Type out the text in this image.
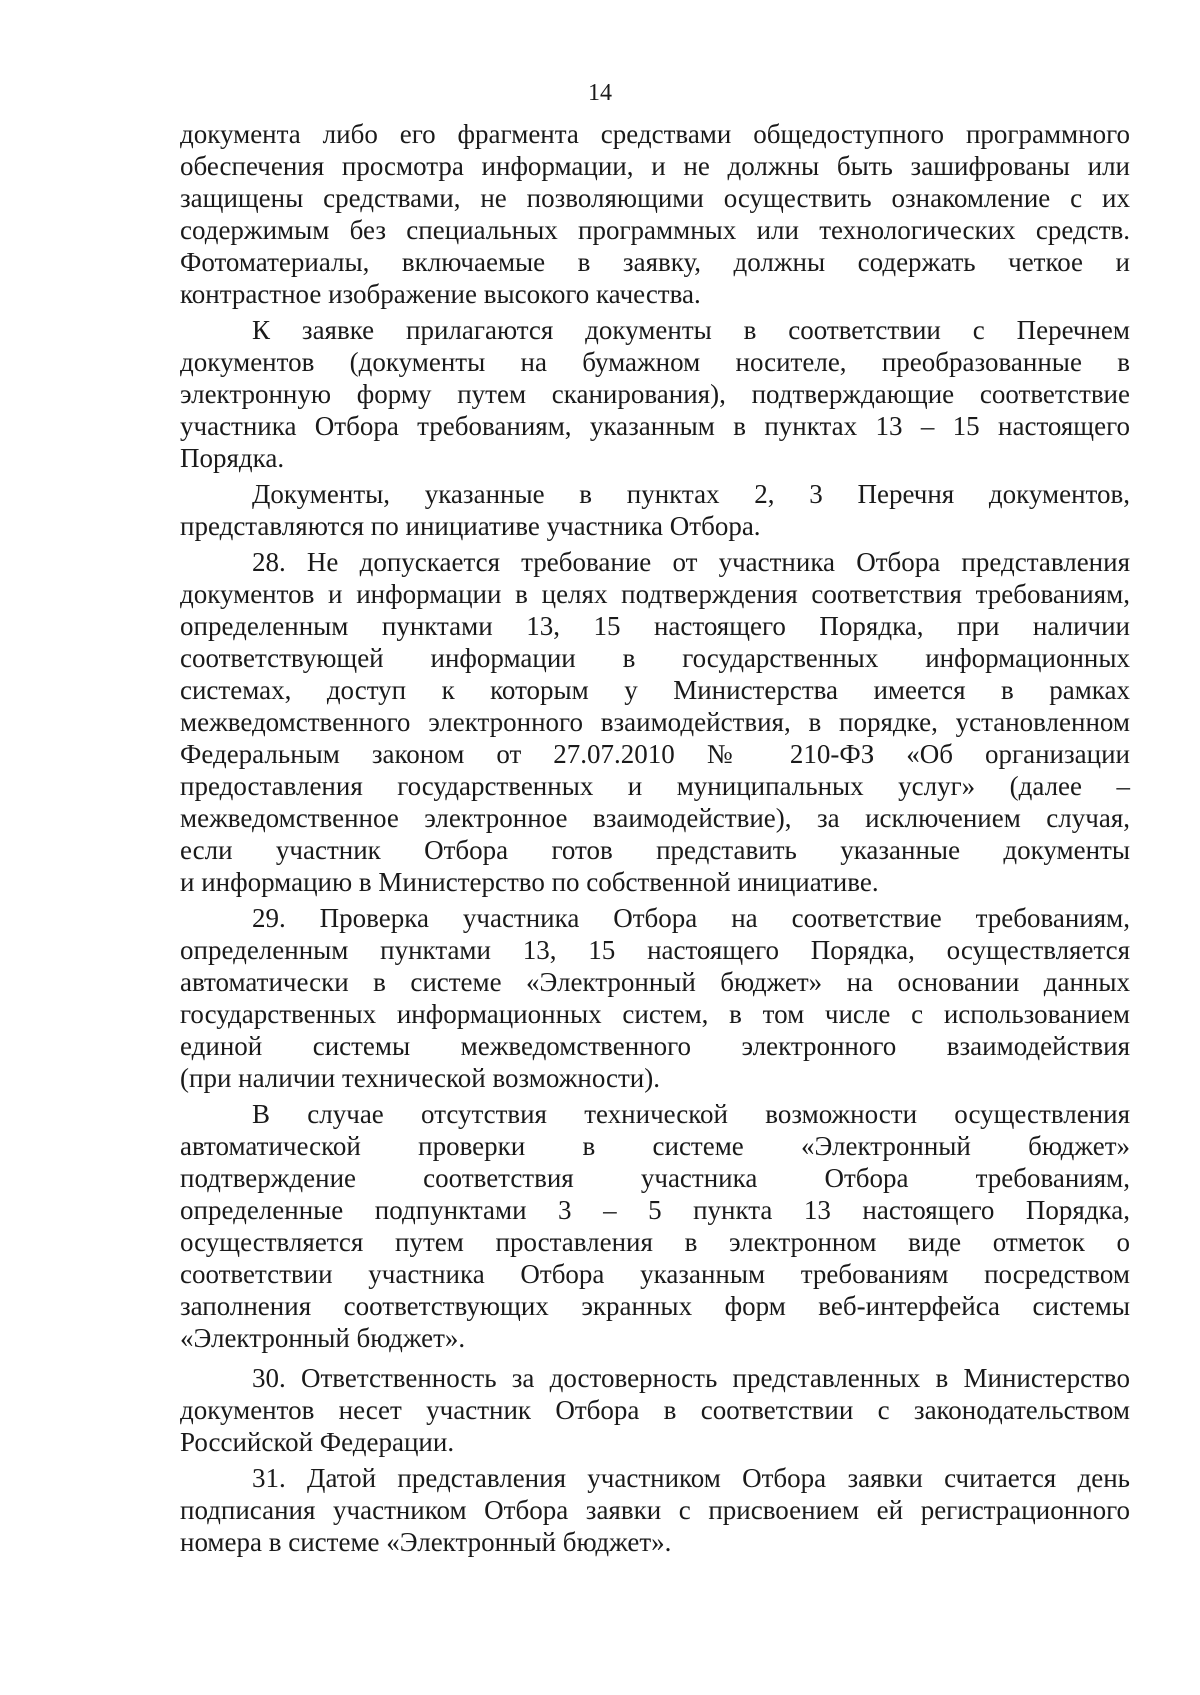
14
документа либо его фрагмента средствами общедоступного программного
обеспечения просмотра информации, и не должны быть зашифрованы или
защищены средствами, не позволяющими осуществить ознакомление с их
содержимым без специальных программных или технологических средств.
Фотоматериалы, включаемые в заявку, должны содержать четкое и
контрастное изображение высокого качества.
К заявке прилагаются документы в соответствии с Перечнем
документов (документы на бумажном носителе, преобразованные в
электронную форму путем сканирования), подтверждающие соответствие
участника Отбора требованиям, указанным в пунктах 13 – 15 настоящего
Порядка.
Документы, указанные в пунктах 2, 3 Перечня документов,
представляются по инициативе участника Отбора.
28. Не допускается требование от участника Отбора представления
документов и информации в целях подтверждения соответствия требованиям,
определенным пунктами 13, 15 настоящего Порядка, при наличии
соответствующей информации в государственных информационных
системах, доступ к которым у Министерства имеется в рамках
межведомственного электронного взаимодействия, в порядке, установленном
Федеральным законом от 27.07.2010 № 210-ФЗ «Об организации
предоставления государственных и муниципальных услуг» (далее –
межведомственное электронное взаимодействие), за исключением случая,
если участник Отбора готов представить указанные документы
и информацию в Министерство по собственной инициативе.
29. Проверка участника Отбора на соответствие требованиям,
определенным пунктами 13, 15 настоящего Порядка, осуществляется
автоматически в системе «Электронный бюджет» на основании данных
государственных информационных систем, в том числе с использованием
единой системы межведомственного электронного взаимодействия
(при наличии технической возможности).
В случае отсутствия технической возможности осуществления
автоматической проверки в системе «Электронный бюджет»
подтверждение соответствия участника Отбора требованиям,
определенные подпунктами 3 – 5 пункта 13 настоящего Порядка,
осуществляется путем проставления в электронном виде отметок о
соответствии участника Отбора указанным требованиям посредством
заполнения соответствующих экранных форм веб-интерфейса системы
«Электронный бюджет».
30. Ответственность за достоверность представленных в Министерство
документов несет участник Отбора в соответствии с законодательством
Российской Федерации.
31. Датой представления участником Отбора заявки считается день
подписания участником Отбора заявки с присвоением ей регистрационного
номера в системе «Электронный бюджет».
